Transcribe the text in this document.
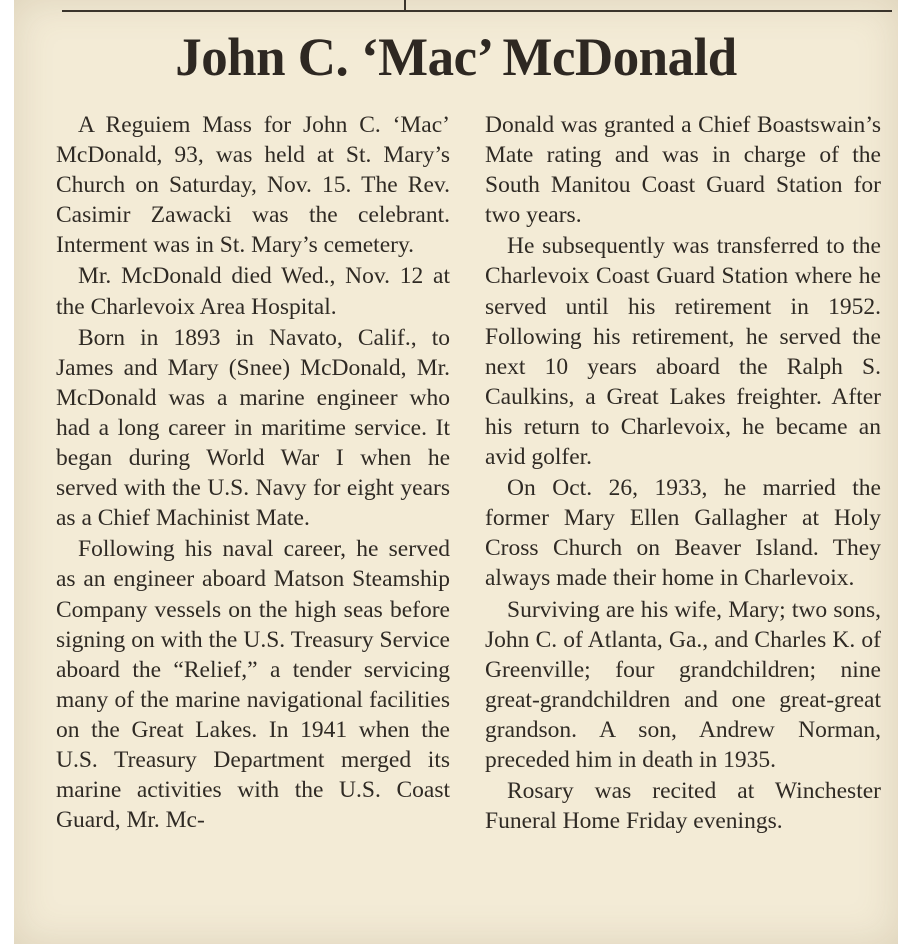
John C. ‘Mac’ McDonald

A Reguiem Mass for John C. ‘Mac’ McDonald, 93, was held at St. Mary’s Church on Saturday, Nov. 15. The Rev. Casimir Zawacki was the celebrant. Interment was in St. Mary’s cemetery.

Mr. McDonald died Wed., Nov. 12 at the Charlevoix Area Hospital.

Born in 1893 in Navato, Calif., to James and Mary (Snee) McDonald, Mr. McDonald was a marine engineer who had a long career in maritime service. It began during World War I when he served with the U.S. Navy for eight years as a Chief Machinist Mate.

Following his naval career, he served as an engineer aboard Matson Steamship Company vessels on the high seas before signing on with the U.S. Treasury Service aboard the “Relief,” a tender servicing many of the marine navigational facilities on the Great Lakes. In 1941 when the U.S. Treasury Department merged its marine activities with the U.S. Coast Guard, Mr. Mc-

Donald was granted a Chief Boastswain’s Mate rating and was in charge of the South Manitou Coast Guard Station for two years.

He subsequently was transferred to the Charlevoix Coast Guard Station where he served until his retirement in 1952. Following his retirement, he served the next 10 years aboard the Ralph S. Caulkins, a Great Lakes freighter. After his return to Charlevoix, he became an avid golfer.

On Oct. 26, 1933, he married the former Mary Ellen Gallagher at Holy Cross Church on Beaver Island. They always made their home in Charlevoix.

Surviving are his wife, Mary; two sons, John C. of Atlanta, Ga., and Charles K. of Greenville; four grandchildren; nine great-grandchildren and one great-great grandson. A son, Andrew Norman, preceded him in death in 1935.

Rosary was recited at Winchester Funeral Home Friday evenings.
